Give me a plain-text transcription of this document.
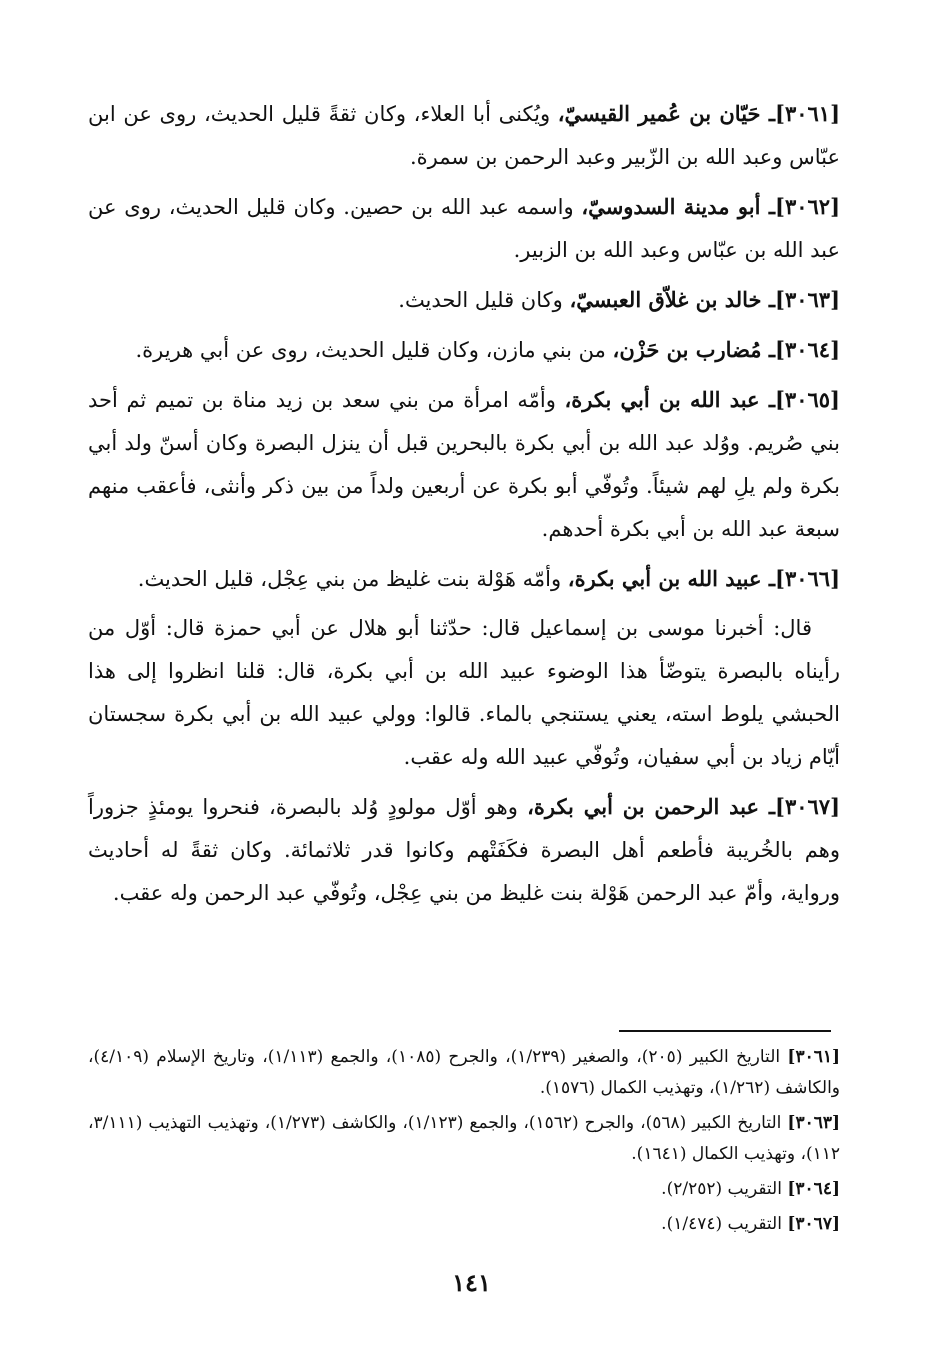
[٣٠٦١]ـ حَيّان بن عُمير القيسيّ، ويُكنى أبا العلاء، وكان ثقةً قليل الحديث، روى عن ابن عبّاس وعبد الله بن الزّبير وعبد الرحمن بن سمرة.

[٣٠٦٢]ـ أبو مدينة السدوسيّ، واسمه عبد الله بن حصين. وكان قليل الحديث، روى عن عبد الله بن عبّاس وعبد الله بن الزبير.

[٣٠٦٣]ـ خالد بن غلاّق العبسيّ، وكان قليل الحديث.

[٣٠٦٤]ـ مُضارب بن حَزْن، من بني مازن، وكان قليل الحديث، روى عن أبي هريرة.

[٣٠٦٥]ـ عبد الله بن أبي بكرة، وأمّه امرأة من بني سعد بن زيد مناة بن تميم ثم أحد بني صُريم. ووُلد عبد الله بن أبي بكرة بالبحرين قبل أن ينزل البصرة وكان أسنّ ولد أبي بكرة ولم يلِ لهم شيئاً. وتُوفّي أبو بكرة عن أربعين ولداً من بين ذكر وأنثى، فأعقب منهم سبعة عبد الله بن أبي بكرة أحدهم.

[٣٠٦٦]ـ عبيد الله بن أبي بكرة، وأمّه هَوْلة بنت غليظ من بني عِجْل، قليل الحديث.

قال: أخبرنا موسى بن إسماعيل قال: حدّثنا أبو هلال عن أبي حمزة قال: أوّل من رأيناه بالبصرة يتوضّأ هذا الوضوء عبيد الله بن أبي بكرة، قال: قلنا انظروا إلى هذا الحبشي يلوط استه، يعني يستنجي بالماء. قالوا: وولي عبيد الله بن أبي بكرة سجستان أيّام زياد بن أبي سفيان، وتُوفّي عبيد الله وله عقب.

[٣٠٦٧]ـ عبد الرحمن بن أبي بكرة، وهو أوّل مولودٍ وُلد بالبصرة، فنحروا يومئذٍ جزوراً وهم بالخُريبة فأطعم أهل البصرة فكَفَتْهم وكانوا قدر ثلاثمائة. وكان ثقةً له أحاديث ورواية، وأمّ عبد الرحمن هَوْلة بنت غليظ من بني عِجْل، وتُوفّي عبد الرحمن وله عقب.

[٣٠٦١] التاريخ الكبير (٢٠٥)، والصغير (١/٢٣٩)، والجرح (١٠٨٥)، والجمع (١/١١٣)، وتاريخ الإسلام (٤/١٠٩)، والكاشف (١/٢٦٢)، وتهذيب الكمال (١٥٧٦).

[٣٠٦٣] التاريخ الكبير (٥٦٨)، والجرح (١٥٦٢)، والجمع (١/١٢٣)، والكاشف (١/٢٧٣)، وتهذيب التهذيب (٣/١١١، ١١٢)، وتهذيب الكمال (١٦٤١).

[٣٠٦٤] التقريب (٢/٢٥٢).

[٣٠٦٧] التقريب (١/٤٧٤).

١٤١
